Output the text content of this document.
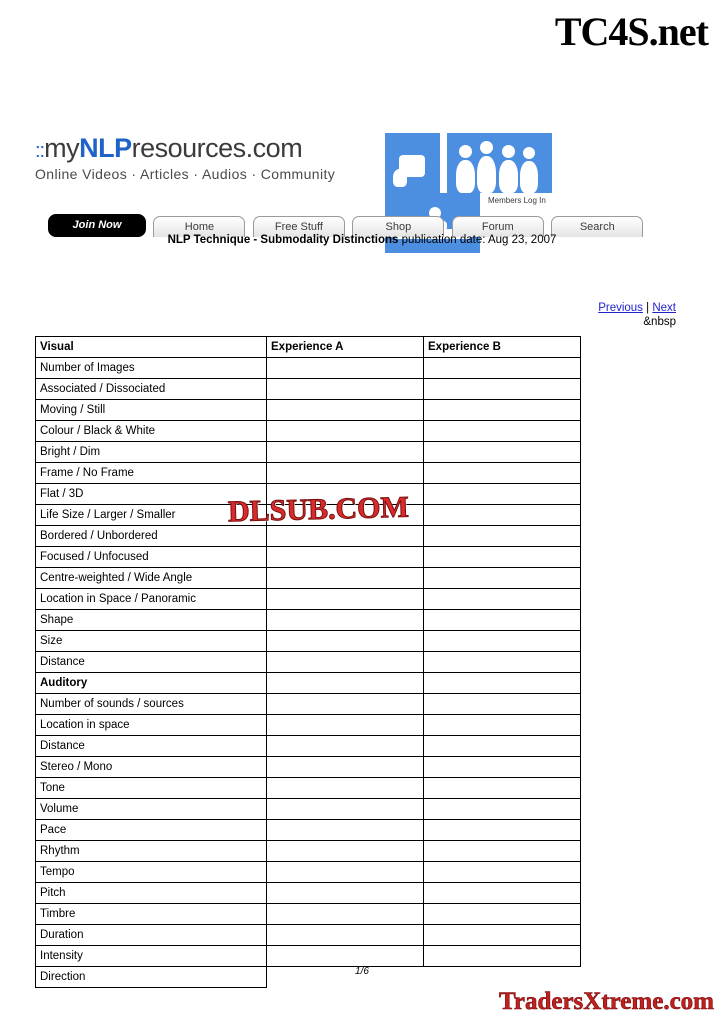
TC4S.net
::myNLPresources.com
Online Videos · Articles · Audios · Community

Members Log In
Join Now	Home	Free Stuff	Shop	Forum	Search
NLP Technique - Submodality Distinctions publication date: Aug 23, 2007
Previous | Next
&nbsp
Visual	Experience A	Experience B
Number of Images		
Associated / Dissociated		
Moving / Still		
Colour / Black & White		
Bright / Dim		
Frame / No Frame		
Flat / 3D		
Life Size / Larger / Smaller		
Bordered / Unbordered		
Focused / Unfocused		
Centre-weighted / Wide Angle		
Location in Space / Panoramic		
Shape		
Size		
Distance		
Auditory		
Number of sounds / sources		
Location in space		
Distance		
Stereo / Mono		
Tone		
Volume		
Pace		
Rhythm		
Tempo		
Pitch		
Timbre		
Duration		
Intensity		
Direction		
DLSUB.COM
1/6
TradersXtreme.com
